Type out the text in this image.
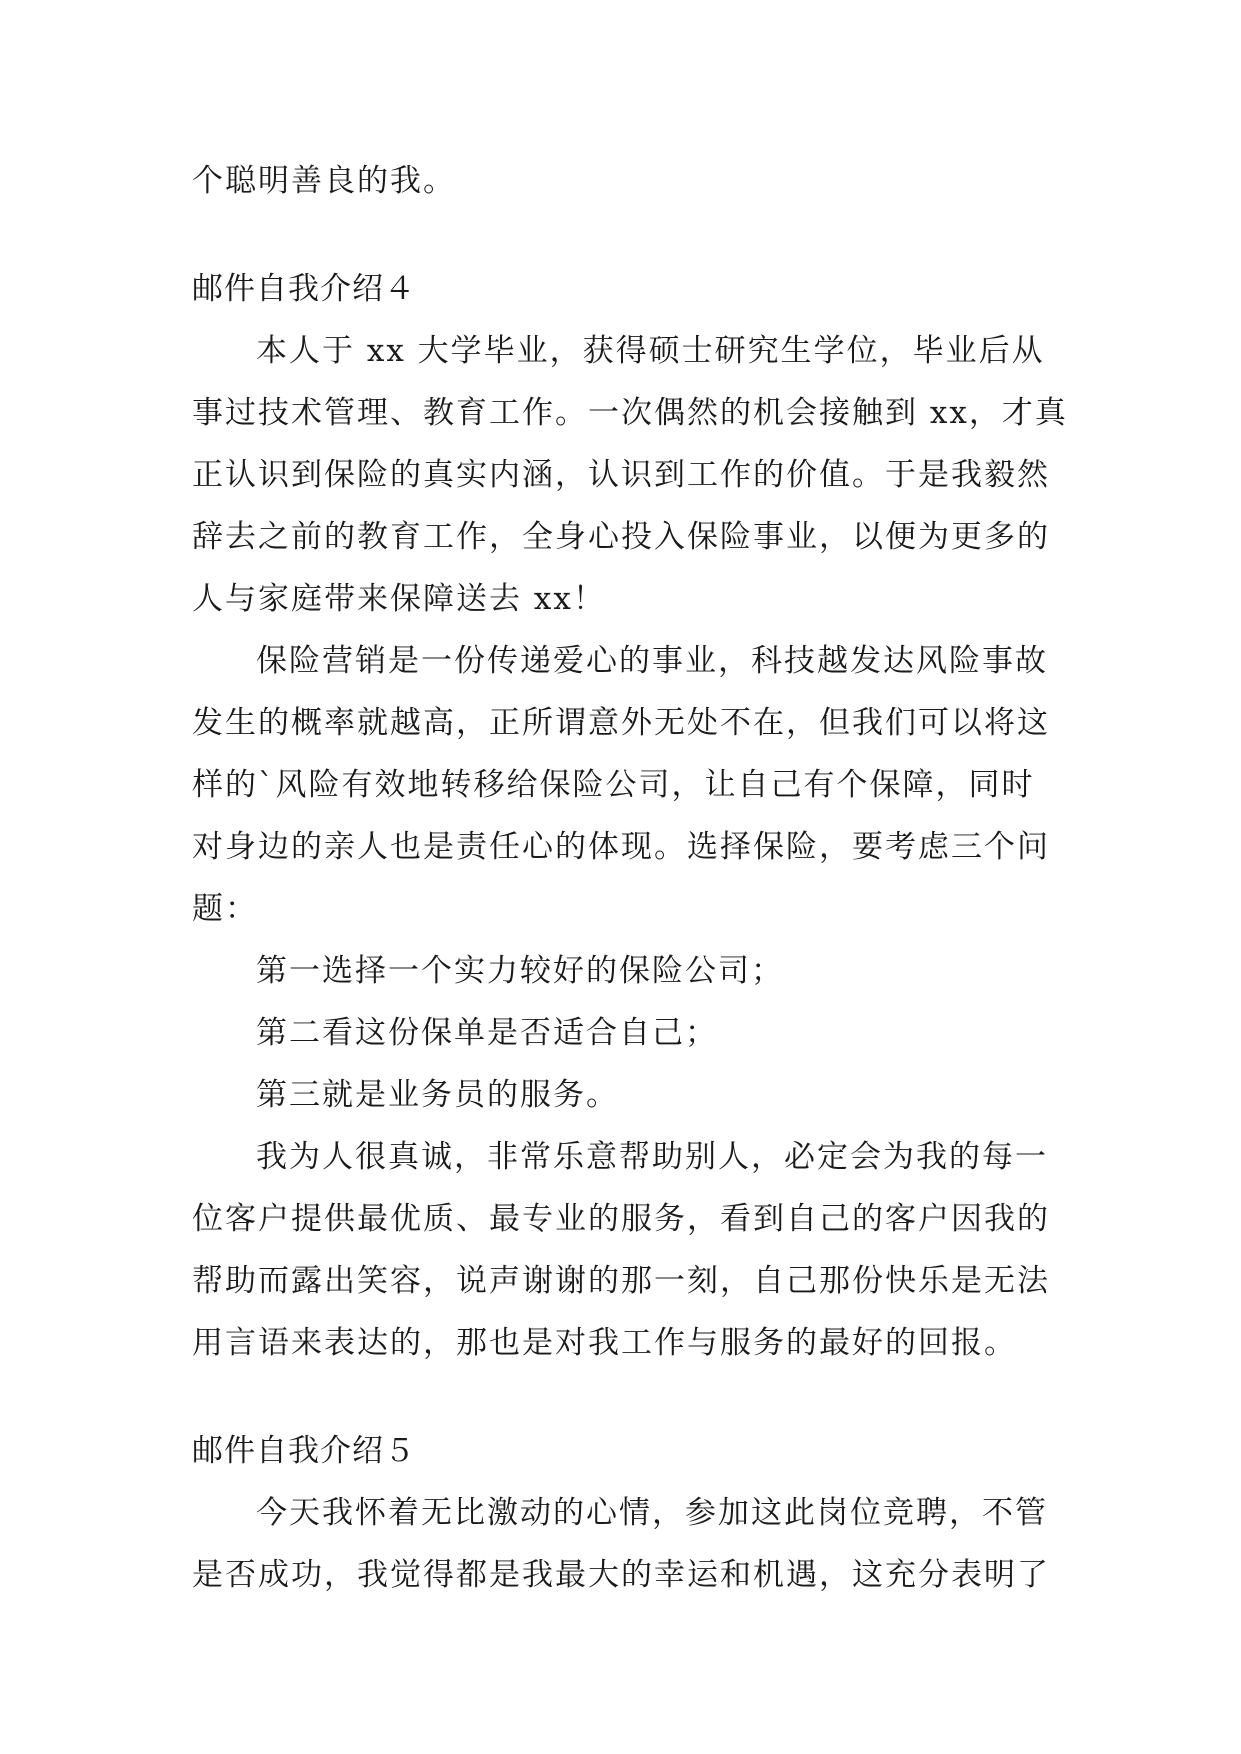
个聪明善良的我。
邮件自我介绍４
本人于 xx 大学毕业，获得硕士研究生学位，毕业后从
事过技术管理、教育工作。一次偶然的机会接触到 xx，才真
正认识到保险的真实内涵，认识到工作的价值。于是我毅然
辞去之前的教育工作，全身心投入保险事业，以便为更多的
人与家庭带来保障送去 xx！
保险营销是一份传递爱心的事业，科技越发达风险事故
发生的概率就越高，正所谓意外无处不在，但我们可以将这
样的`风险有效地转移给保险公司，让自己有个保障，同时
对身边的亲人也是责任心的体现。选择保险，要考虑三个问
题：
第一选择一个实力较好的保险公司；
第二看这份保单是否适合自己；
第三就是业务员的服务。
我为人很真诚，非常乐意帮助别人，必定会为我的每一
位客户提供最优质、最专业的服务，看到自己的客户因我的
帮助而露出笑容，说声谢谢的那一刻，自己那份快乐是无法
用言语来表达的，那也是对我工作与服务的最好的回报。
邮件自我介绍５
今天我怀着无比激动的心情，参加这此岗位竞聘，不管
是否成功，我觉得都是我最大的幸运和机遇，这充分表明了
